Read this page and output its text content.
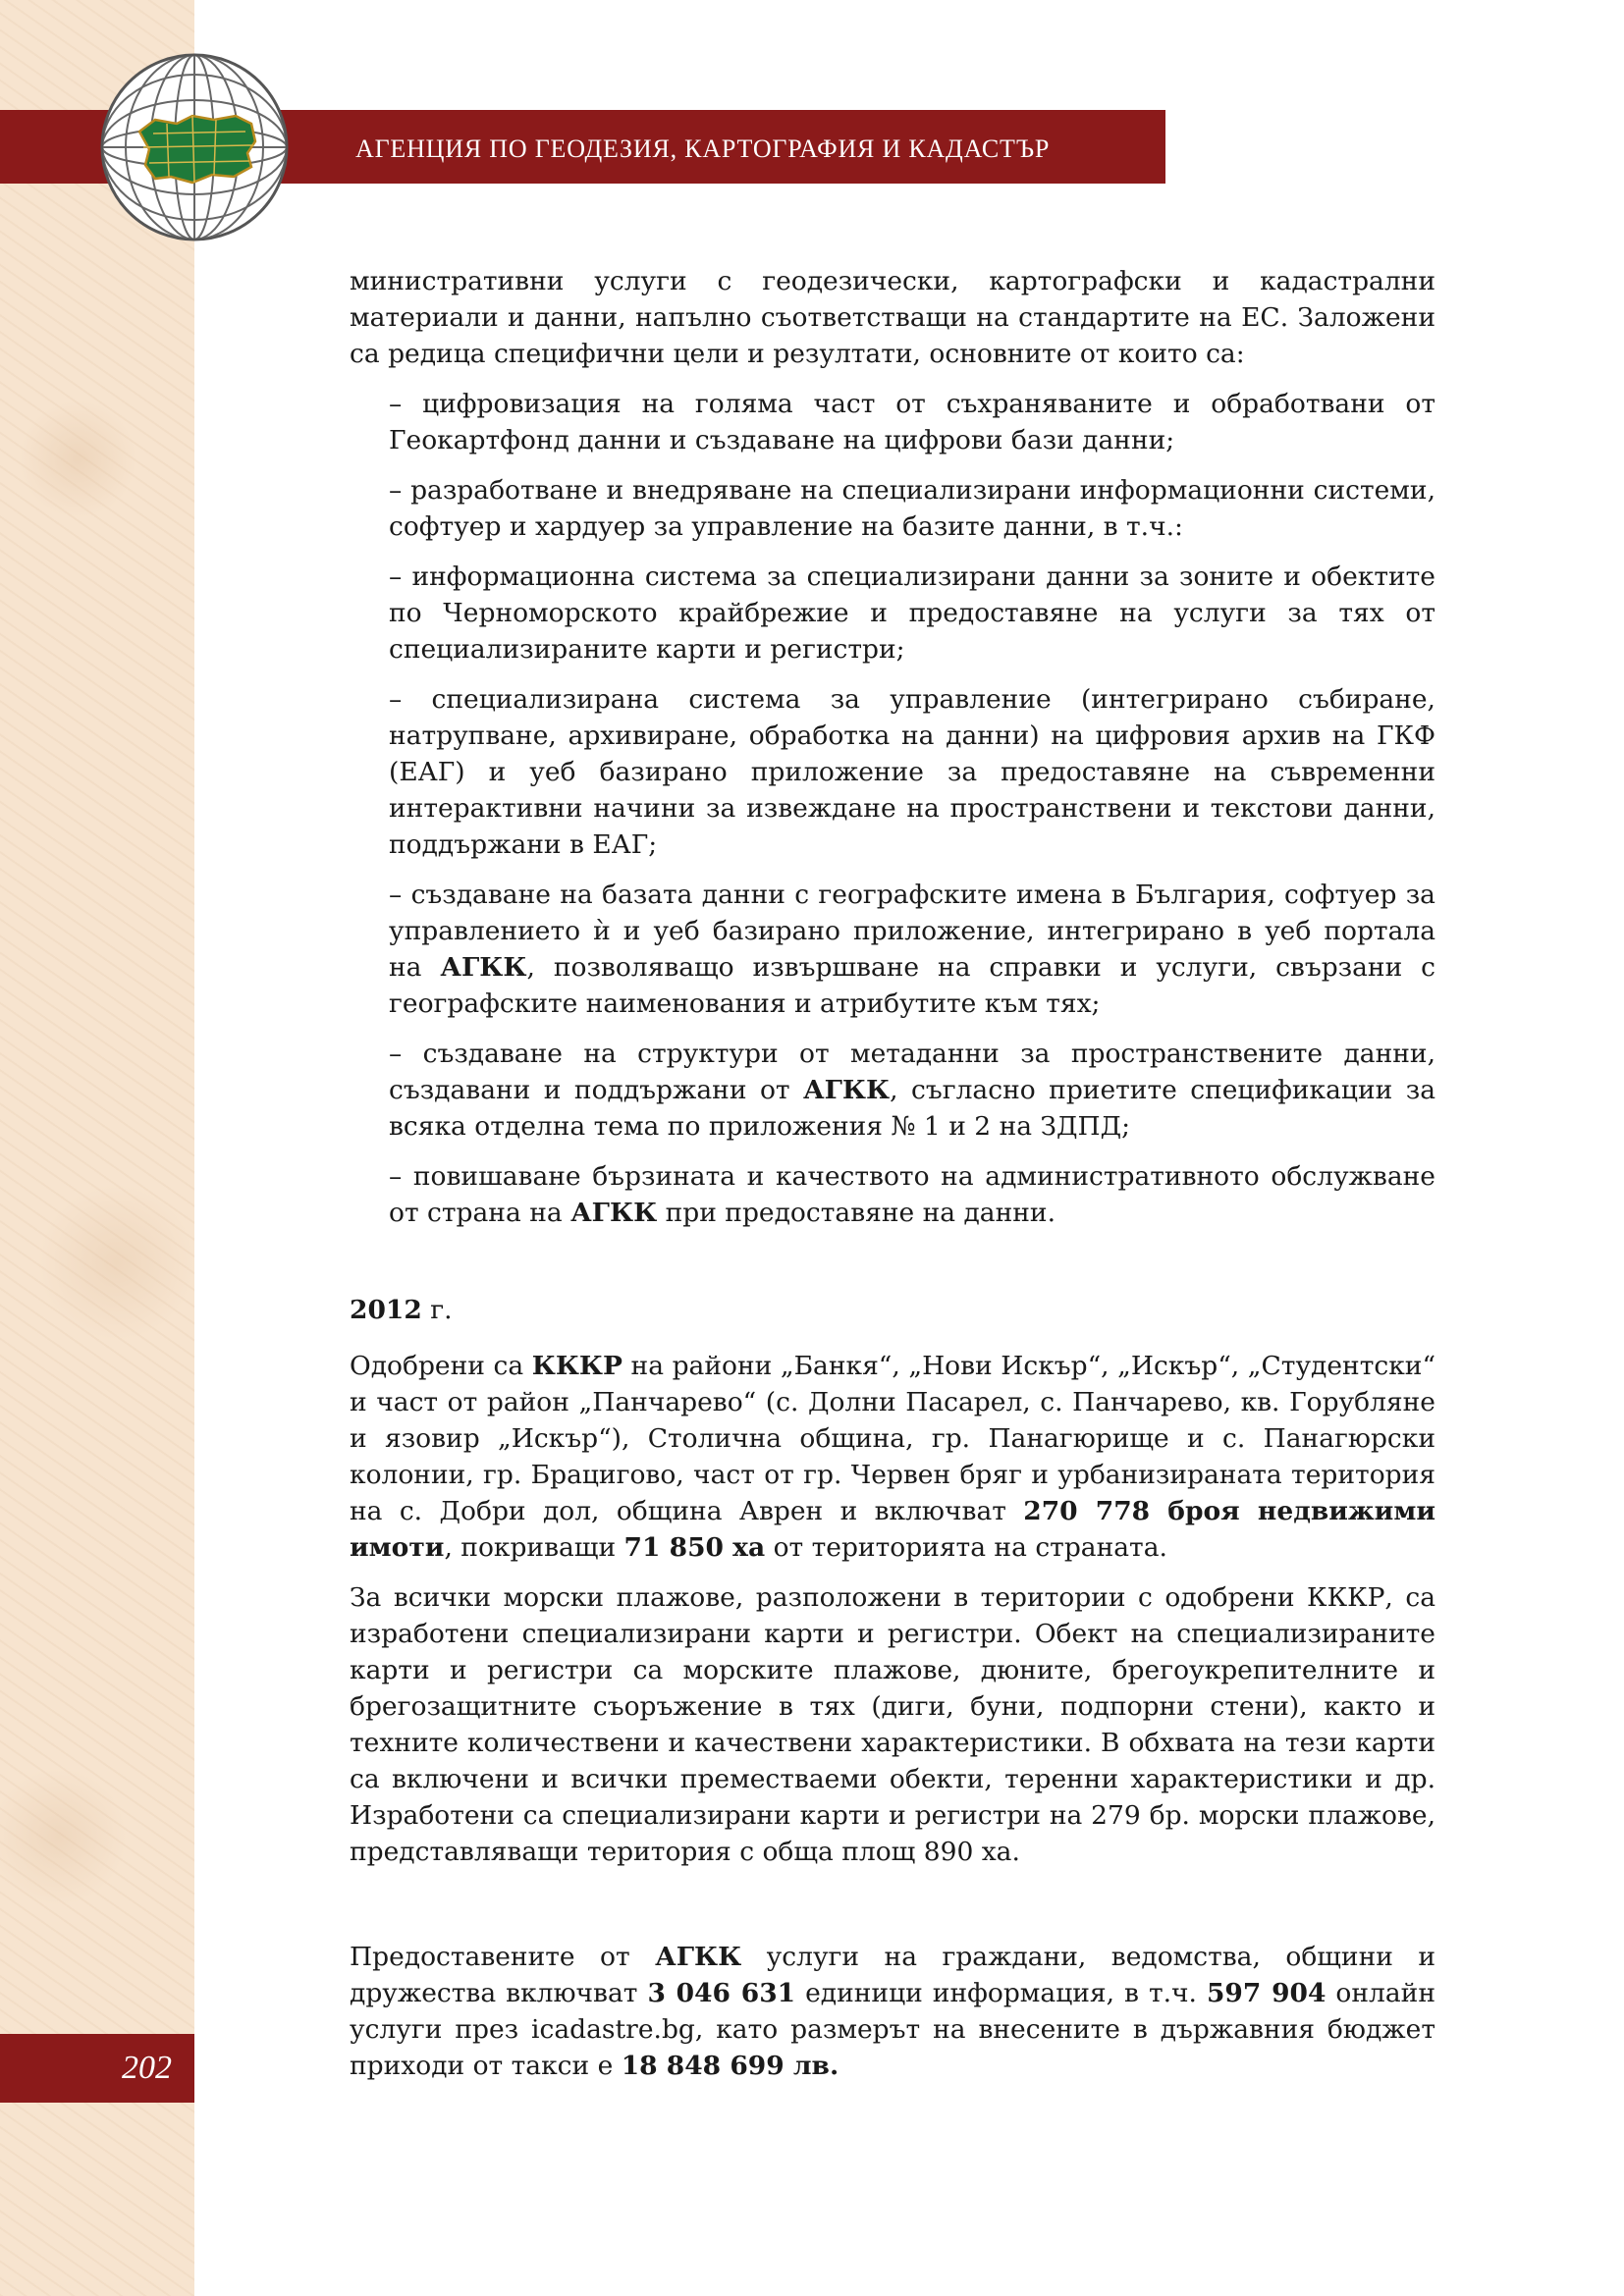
АГЕНЦИЯ ПО ГЕОДЕЗИЯ, КАРТОГРАФИЯ И КАДАСТЪР
202

министративни услуги с геодезически, картографски и кадастрални материали и данни, напълно съответстващи на стандартите на ЕС. Заложени са редица специфични цели и резултати, основните от които са:

– цифровизация на голяма част от съхраняваните и обработвани от Геокартфонд данни и създаване на цифрови бази данни;

– разработване и внедряване на специализирани информационни системи, софтуер и хардуер за управление на базите данни, в т.ч.:

– информационна система за специализирани данни за зоните и обектите по Черноморското крайбрежие и предоставяне на услуги за тях от специализираните карти и регистри;

– специализирана система за управление (интегрирано събиране, натрупване, архивиране, обработка на данни) на цифровия архив на ГКФ (ЕАГ) и уеб базирано приложение за предоставяне на съвременни интерактивни начини за извеждане на пространствени и текстови данни, поддържани в ЕАГ;

– създаване на базата данни с географските имена в България, софтуер за управлението ѝ и уеб базирано приложение, интегрирано в уеб портала на АГКК, позволяващо извършване на справки и услуги, свързани с географските наименования и атрибутите към тях;

– създаване на структури от метаданни за пространствените данни, създавани и поддържани от АГКК, съгласно приетите спецификации за всяка отделна тема по приложения № 1 и 2 на ЗДПД;

– повишаване бързината и качеството на административното обслужване от страна на АГКК при предоставяне на данни.

2012 г.

Одобрени са КККР на райони „Банкя“, „Нови Искър“, „Искър“, „Студентски“ и част от район „Панчарево“ (с. Долни Пасарел, с. Панчарево, кв. Горубляне и язовир „Искър“), Столична община, гр. Панагюрище и с. Панагюрски колонии, гр. Брацигово, част от гр. Червен бряг и урбанизираната територия на с. Добри дол, община Аврен и включват 270 778 броя недвижими имоти, покриващи 71 850 ха от територията на страната.

За всички морски плажове, разположени в територии с одобрени КККР, са изработени специализирани карти и регистри. Обект на специализираните карти и регистри са морските плажове, дюните, брегоукрепителните и брегозащитните съоръжение в тях (диги, буни, подпорни стени), както и техните количествени и качествени характеристики. В обхвата на тези карти са включени и всички преместваеми обекти, теренни характеристики и др. Изработени са специализирани карти и регистри на 279 бр. морски плажове, представляващи територия с обща площ 890 ха.

Предоставените от АГКК услуги на граждани, ведомства, общини и дружества включват 3 046 631 единици информация, в т.ч. 597 904 онлайн услуги през icadastre.bg, като размерът на внесените в държавния бюджет приходи от такси е 18 848 699 лв.
